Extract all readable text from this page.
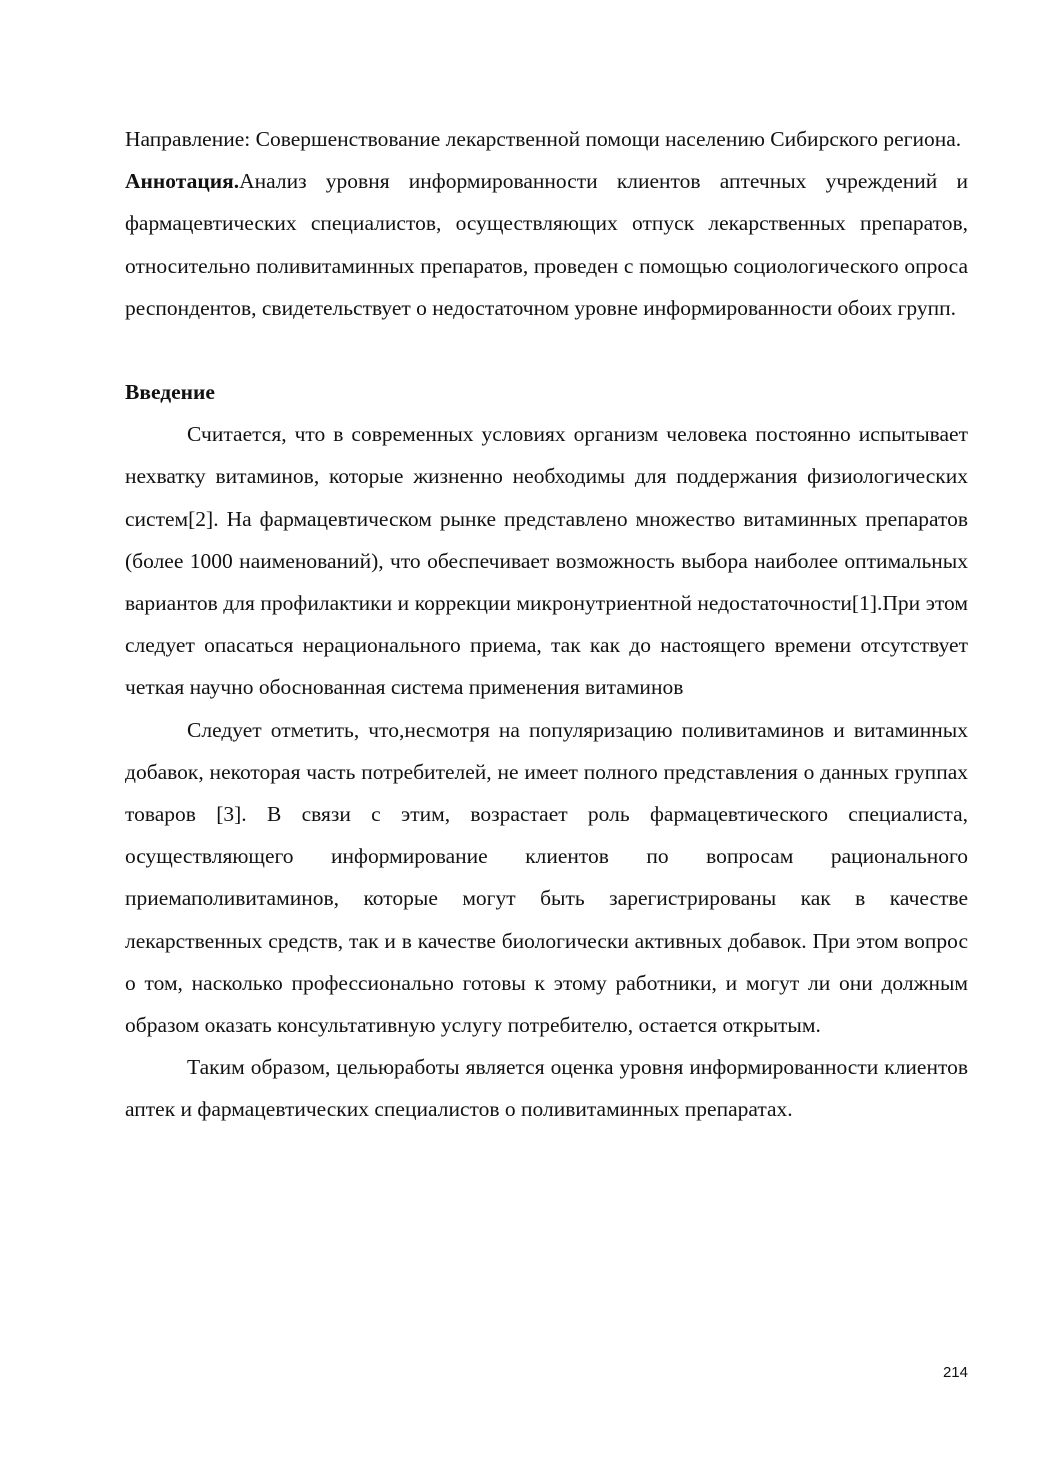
Направление: Совершенствование лекарственной помощи населению Сибирского региона.

Аннотация.Анализ уровня информированности клиентов аптечных учреждений и фармацевтических специалистов, осуществляющих отпуск лекарственных препаратов, относительно поливитаминных препаратов, проведен с помощью социологического опроса респондентов, свидетельствует о недостаточном уровне информированности обоих групп.

Введение

Считается, что в современных условиях организм человека постоянно испытывает нехватку витаминов, которые жизненно необходимы для поддержания физиологических систем[2]. На фармацевтическом рынке представлено множество витаминных препаратов (более 1000 наименований), что обеспечивает возможность выбора наиболее оптимальных вариантов для профилактики и коррекции микронутриентной недостаточности[1].При этом следует опасаться нерационального приема, так как до настоящего времени отсутствует четкая научно обоснованная система применения витаминов

Следует отметить, что,несмотря на популяризацию поливитаминов и витаминных добавок, некоторая часть потребителей, не имеет полного представления о данных группах товаров [3]. В связи с этим, возрастает роль фармацевтического специалиста, осуществляющего информирование клиентов по вопросам рационального приемаполивитаминов, которые могут быть зарегистрированы как в качестве лекарственных средств, так и в качестве биологически активных добавок. При этом вопрос о том, насколько профессионально готовы к этому работники, и могут ли они должным образом оказать консультативную услугу потребителю, остается открытым.

Таким образом, цельюработы является оценка уровня информированности клиентов аптек и фармацевтических специалистов о поливитаминных препаратах.

214
